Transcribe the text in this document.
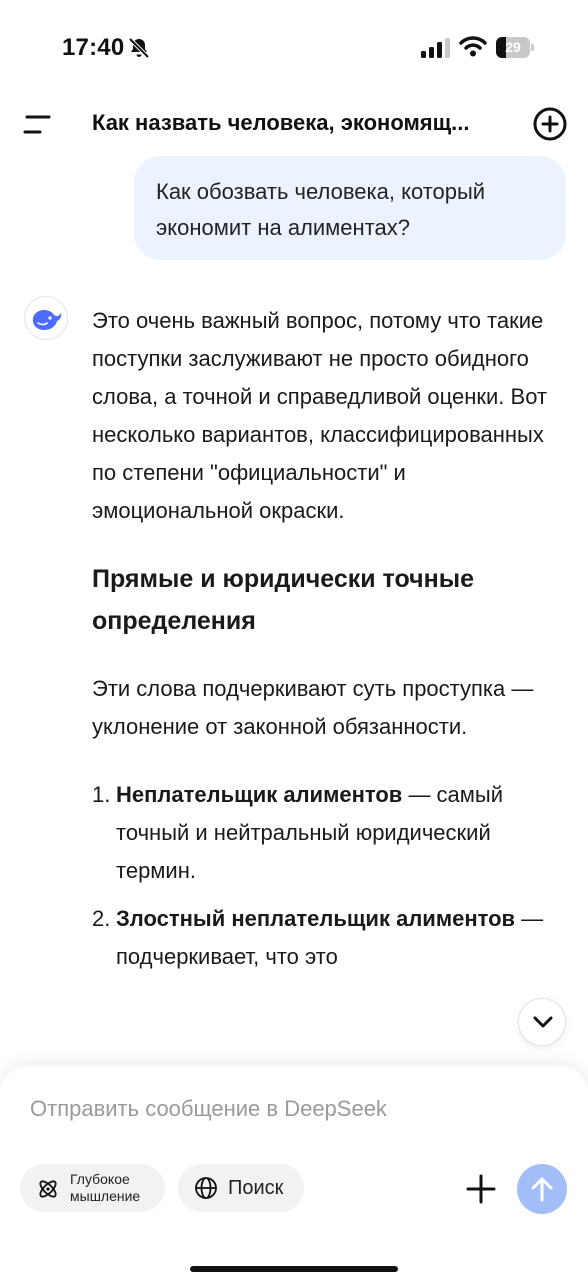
17:40	29
Как назвать человека, экономящ...
Как обозвать человека, который экономит на алиментах?

Это очень важный вопрос, потому что такие поступки заслуживают не просто обидного слова, а точной и справедливой оценки. Вот несколько вариантов, классифицированных по степени "официальности" и эмоциональной окраски.

Прямые и юридически точные определения

Эти слова подчеркивают суть проступка — уклонение от законной обязанности.

1. Неплательщик алиментов — самый точный и нейтральный юридический термин.
2. Злостный неплательщик алиментов — подчеркивает, что это
Отправить сообщение в DeepSeek
Глубокое
мышление	Поиск
